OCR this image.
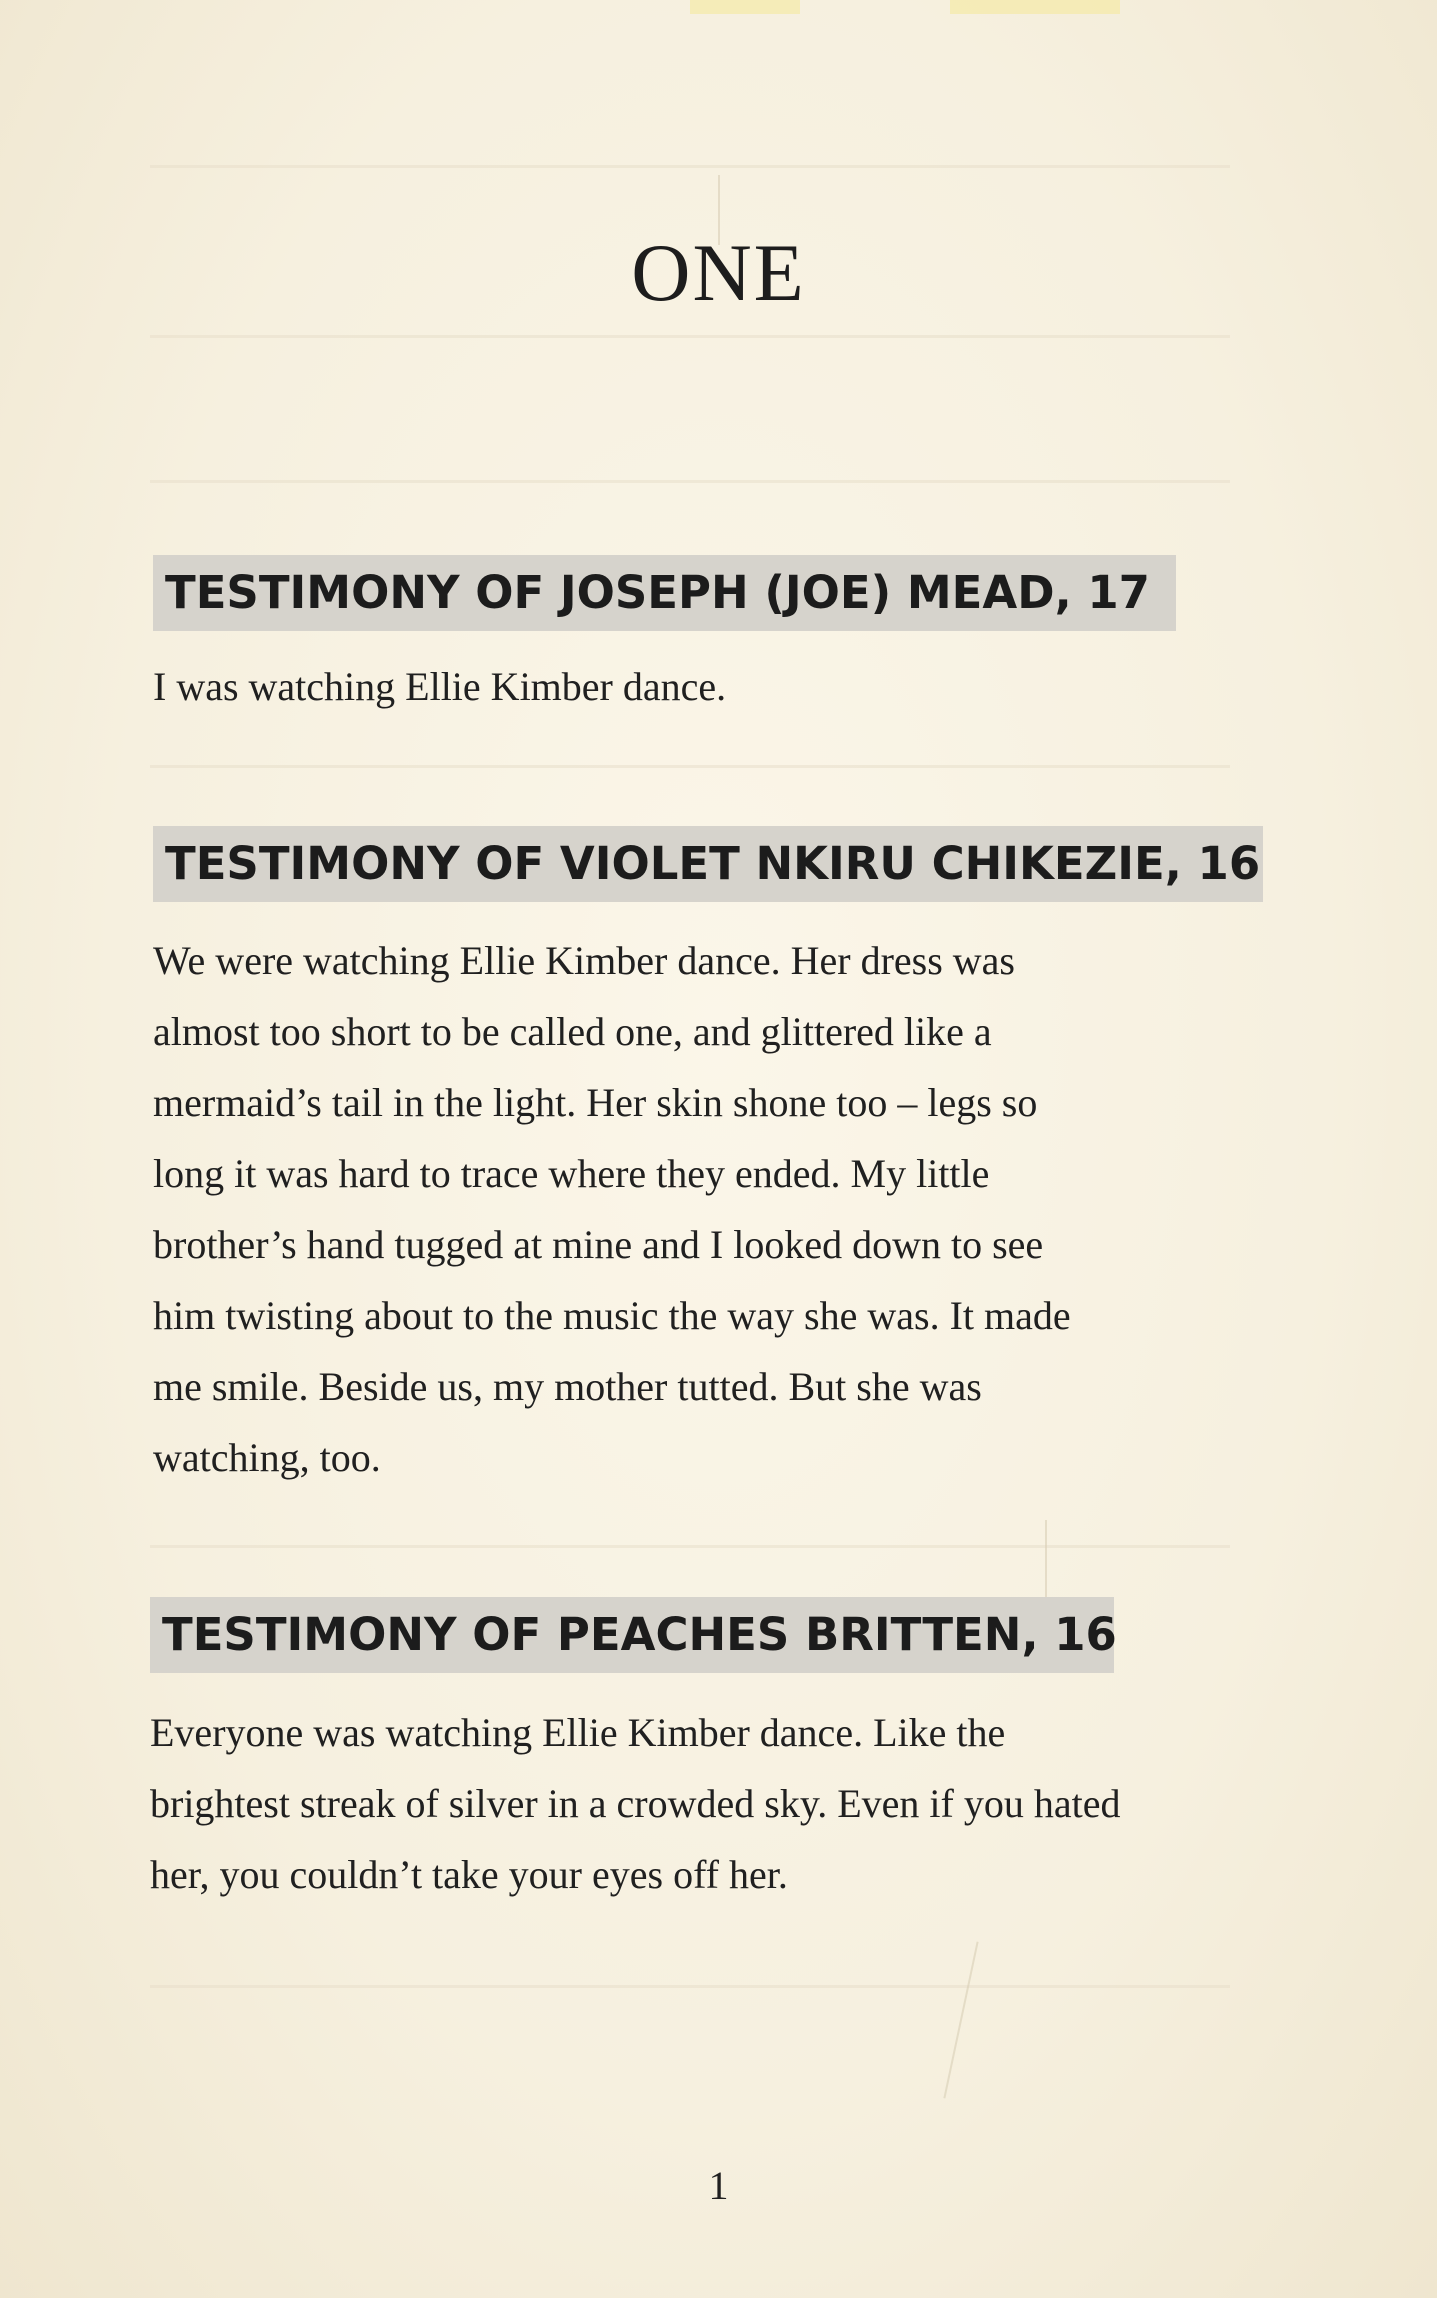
ONE
TESTIMONY OF JOSEPH (JOE) MEAD, 17

I was watching Ellie Kimber dance.

TESTIMONY OF VIOLET NKIRU CHIKEZIE, 16

We were watching Ellie Kimber dance. Her dress was

almost too short to be called one, and glittered like a

mermaid’s tail in the light. Her skin shone too – legs so

long it was hard to trace where they ended. My little

brother’s hand tugged at mine and I looked down to see

him twisting about to the music the way she was. It made

me smile. Beside us, my mother tutted. But she was

watching, too.

TESTIMONY OF PEACHES BRITTEN, 16

Everyone was watching Ellie Kimber dance. Like the

brightest streak of silver in a crowded sky. Even if you hated

her, you couldn’t take your eyes off her.

1
